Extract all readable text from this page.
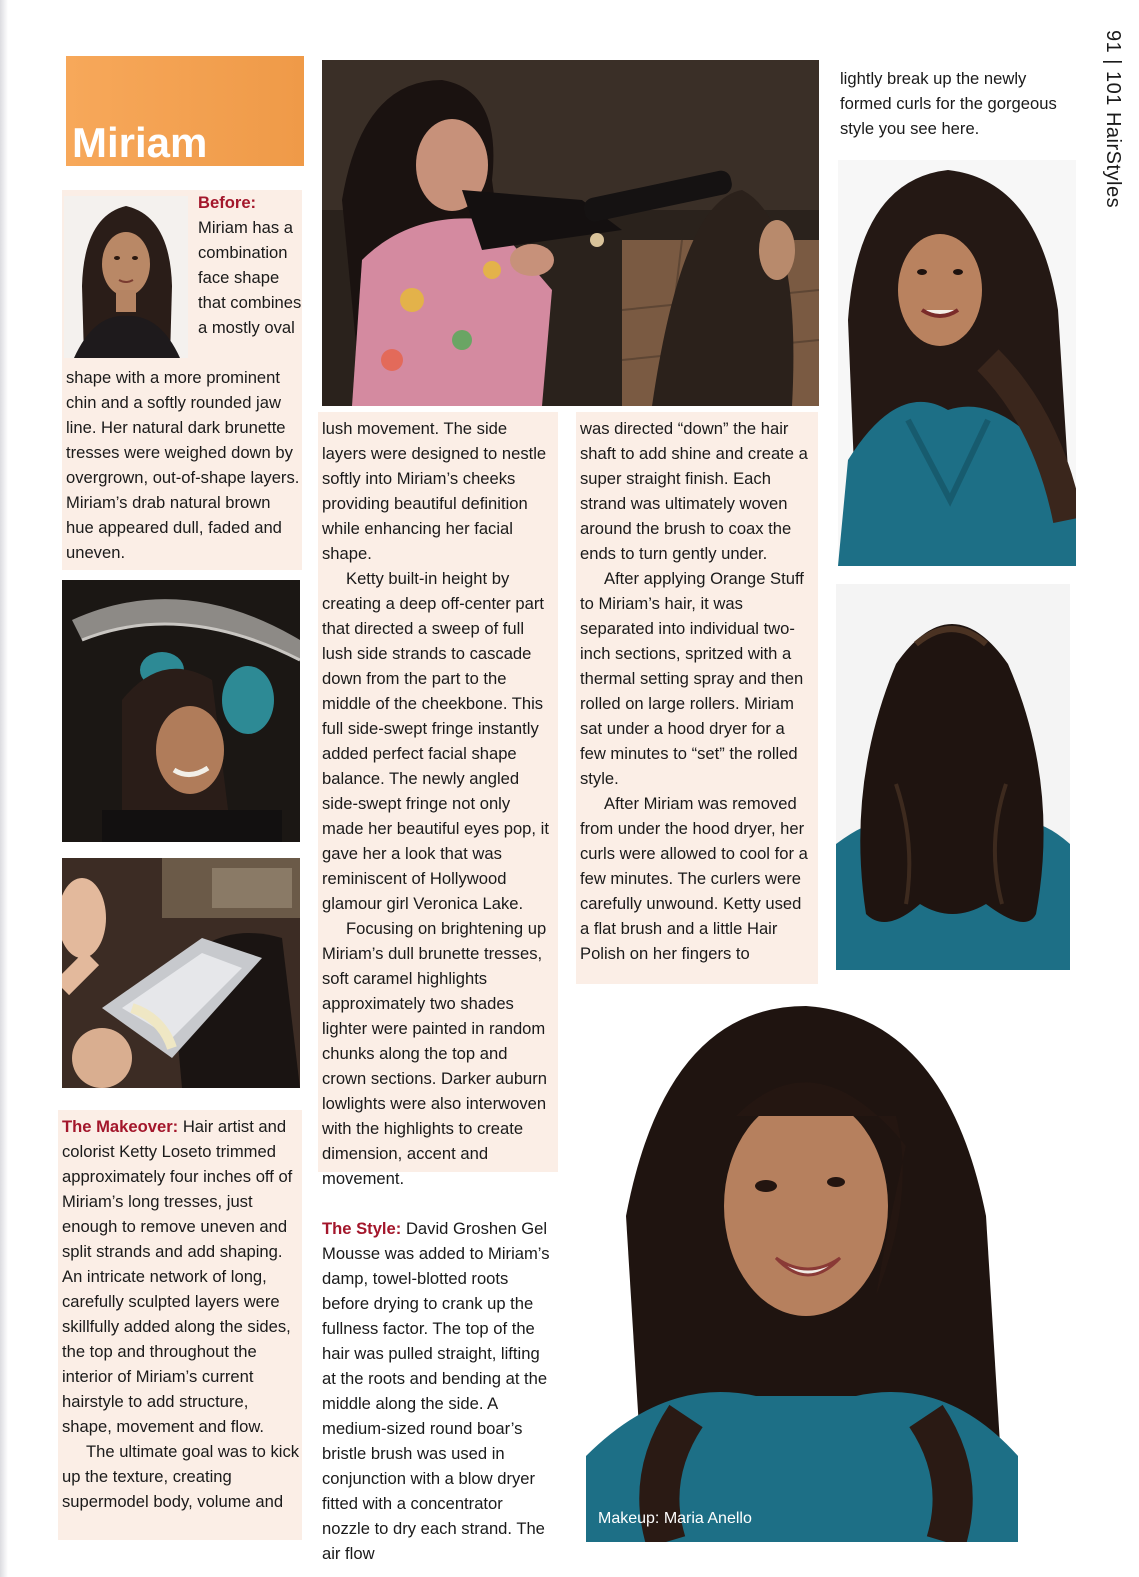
91 | 101 HairStyles
Miriam

Before:

Miriam has a combination face shape that combines a mostly oval

shape with a more prominent chin and a softly rounded jaw line. Her natural dark brunette tresses were weighed down by overgrown, out-of-shape layers. Miriam’s drab natural brown hue appeared dull, faded and uneven.

The Makeover: Hair artist and colorist Ketty Loseto trimmed approximately four inches off of Miriam’s long tresses, just enough to remove uneven and split strands and add shaping. An intricate network of long, carefully sculpted layers were skillfully added along the sides, the top and throughout the interior of Miriam’s current hairstyle to add structure, shape, movement and flow.

The ultimate goal was to kick up the texture, creating supermodel body, volume and

lush movement. The side layers were designed to nestle softly into Miriam’s cheeks providing beautiful definition while enhancing her facial shape.

Ketty built-in height by creating a deep off-center part that directed a sweep of full lush side strands to cascade down from the part to the middle of the cheekbone. This full side-swept fringe instantly added perfect facial shape balance. The newly angled side-swept fringe not only made her beautiful eyes pop, it gave her a look that was reminiscent of Hollywood glamour girl Veronica Lake.

Focusing on brightening up Miriam’s dull brunette tresses, soft caramel highlights approximately two shades lighter were painted in random chunks along the top and crown sections. Darker auburn lowlights were also interwoven with the highlights to create dimension, accent and movement.

The Style: David Groshen Gel Mousse was added to Miriam’s damp, towel-blotted roots before drying to crank up the fullness factor. The top of the hair was pulled straight, lifting at the roots and bending at the middle along the side. A medium-sized round boar’s bristle brush was used in conjunction with a blow dryer fitted with a concentrator nozzle to dry each strand. The air flow

was directed “down” the hair shaft to add shine and create a super straight finish. Each strand was ultimately woven around the brush to coax the ends to turn gently under.

After applying Orange Stuff to Miriam’s hair, it was separated into individual two-inch sections, spritzed with a thermal setting spray and then rolled on large rollers. Miriam sat under a hood dryer for a few minutes to “set” the rolled style.

After Miriam was removed from under the hood dryer, her curls were allowed to cool for a few minutes. The curlers were carefully unwound. Ketty used a flat brush and a little Hair Polish on her fingers to

lightly break up the newly formed curls for the gorgeous style you see here.

Makeup: Maria Anello
